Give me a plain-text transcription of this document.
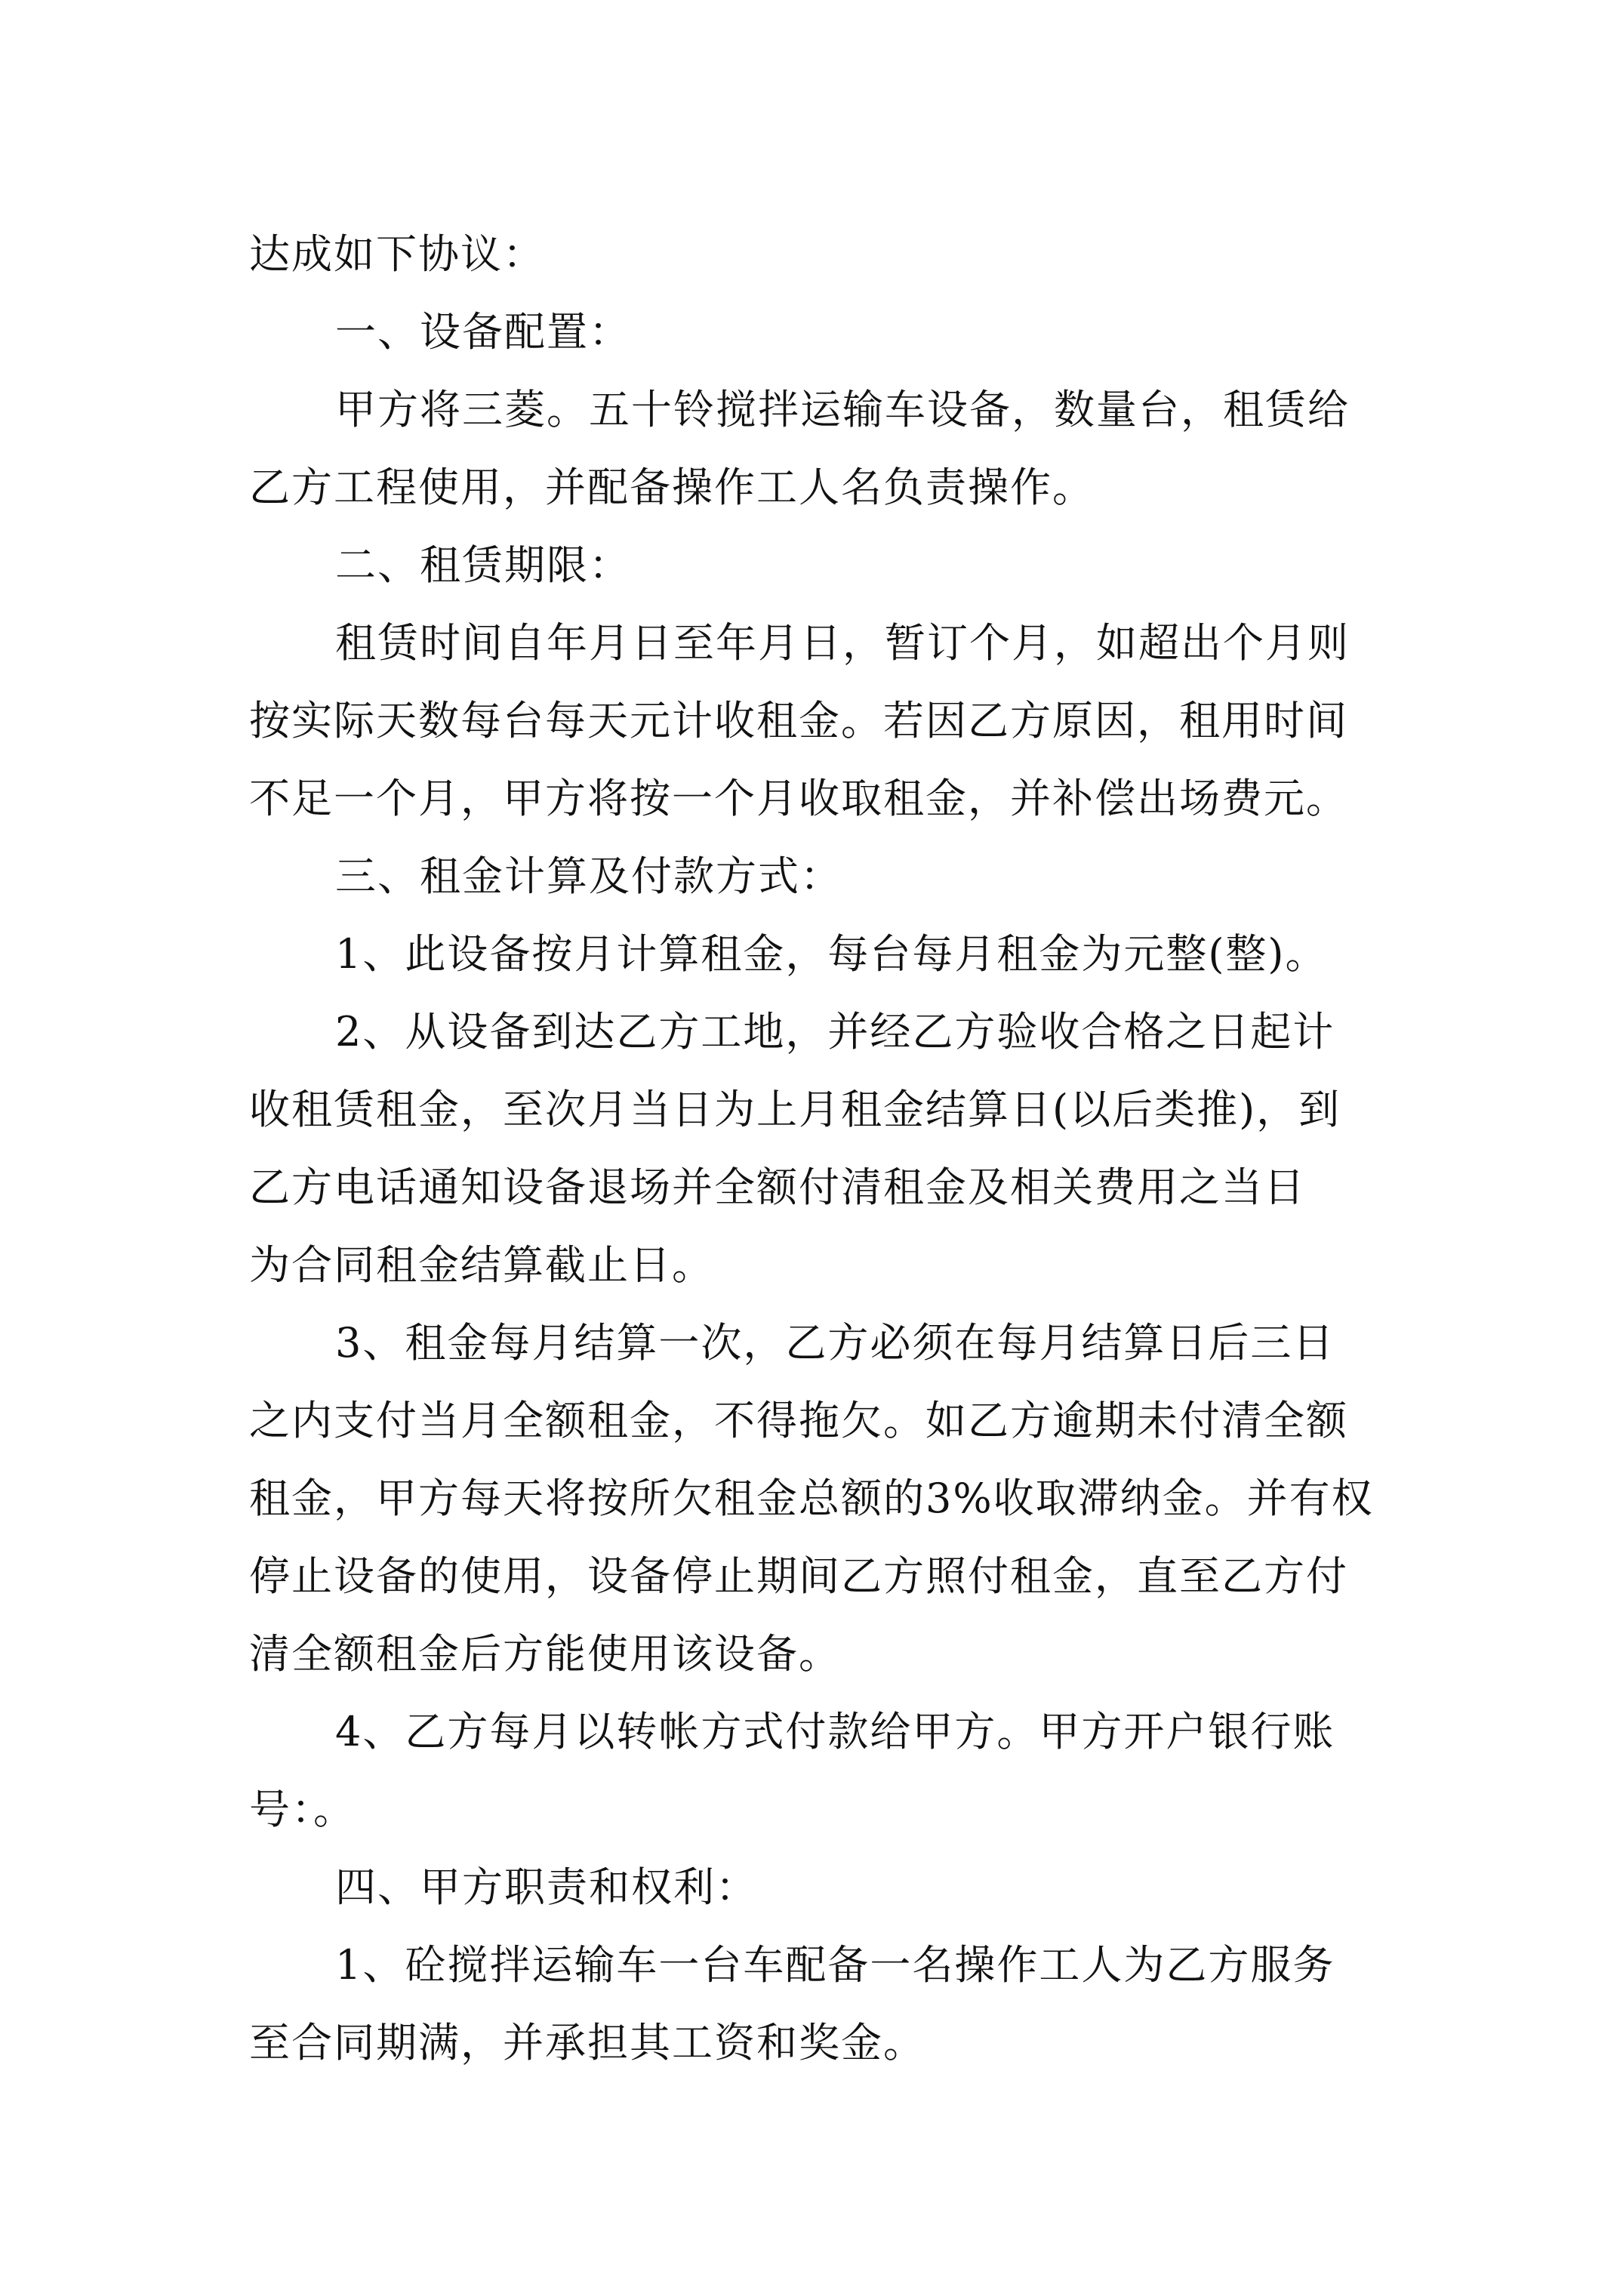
达成如下协议：

一、设备配置：

甲方将三菱。五十铃搅拌运输车设备，数量台，租赁给

乙方工程使用，并配备操作工人名负责操作。

二、租赁期限：

租赁时间自年月日至年月日，暂订个月，如超出个月则

按实际天数每台每天元计收租金。若因乙方原因，租用时间

不足一个月，甲方将按一个月收取租金，并补偿出场费元。

三、租金计算及付款方式：

1、此设备按月计算租金，每台每月租金为元整(整)。

2、从设备到达乙方工地，并经乙方验收合格之日起计

收租赁租金，至次月当日为上月租金结算日(以后类推)，到

乙方电话通知设备退场并全额付清租金及相关费用之当日

为合同租金结算截止日。

3、租金每月结算一次，乙方必须在每月结算日后三日

之内支付当月全额租金，不得拖欠。如乙方逾期未付清全额

租金，甲方每天将按所欠租金总额的3%收取滞纳金。并有权

停止设备的使用，设备停止期间乙方照付租金，直至乙方付

清全额租金后方能使用该设备。

4、乙方每月以转帐方式付款给甲方。甲方开户银行账

号：。

四、甲方职责和权利：

1、砼搅拌运输车一台车配备一名操作工人为乙方服务

至合同期满，并承担其工资和奖金。
